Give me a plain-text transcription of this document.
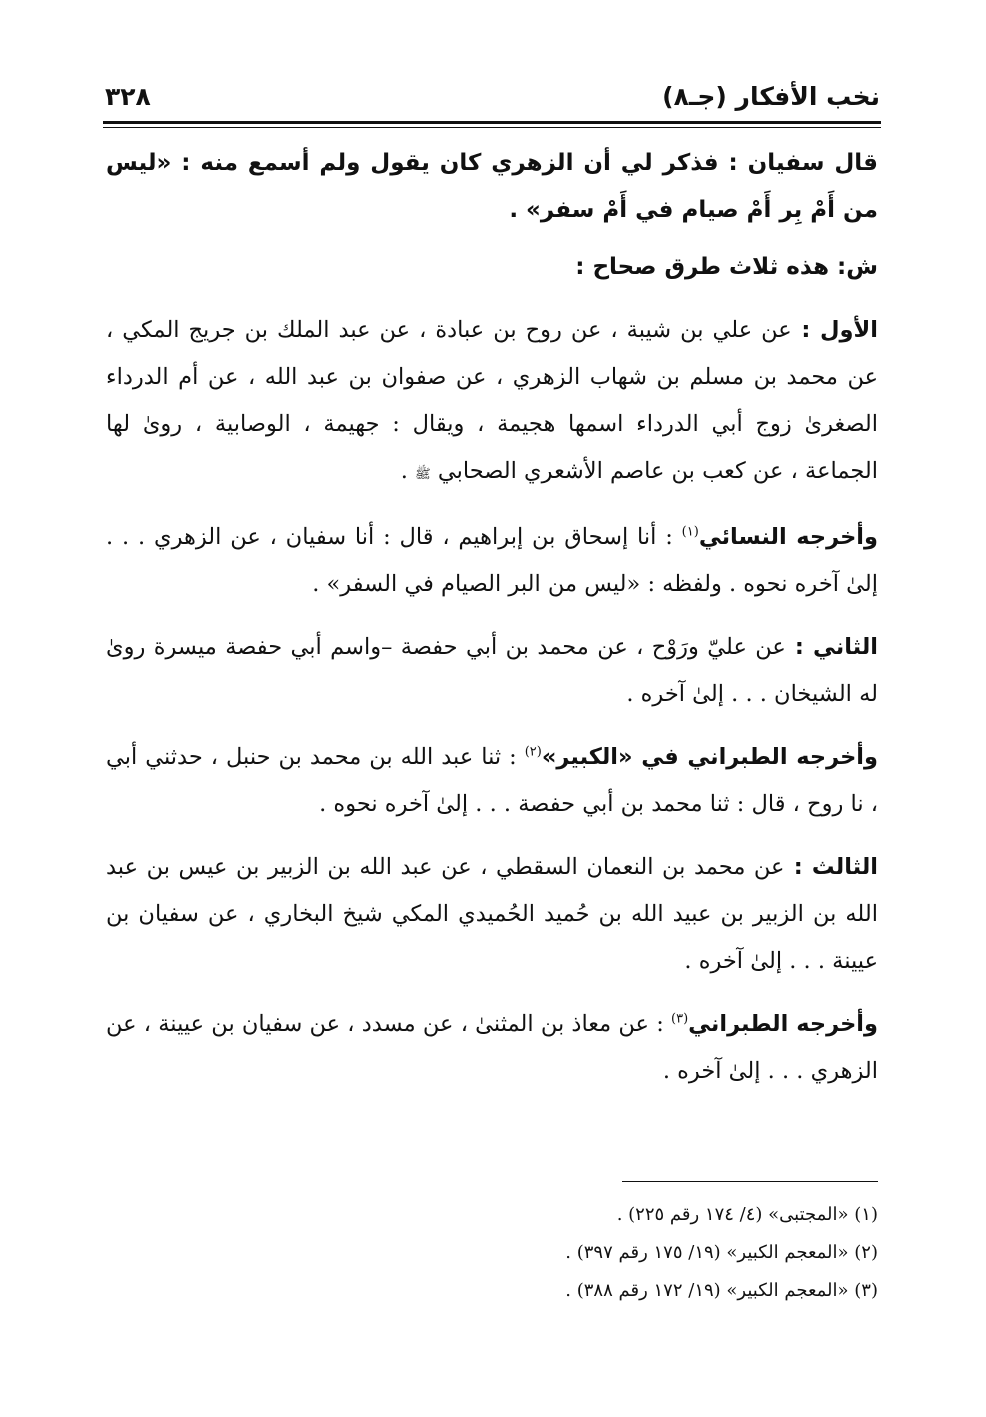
نخب الأفكار (جـ٨)
٣٢٨

قال سفيان : فذكر لي أن الزهري كان يقول ولم أسمع منه : «ليس من أَمْ بِر أَمْ صيام في أَمْ سفر» .

ش: هذه ثلاث طرق صحاح :

الأول : عن علي بن شيبة ، عن روح بن عبادة ، عن عبد الملك بن جريج المكي ، عن محمد بن مسلم بن شهاب الزهري ، عن صفوان بن عبد الله ، عن أم الدرداء الصغرىٰ زوج أبي الدرداء اسمها هجيمة ، ويقال : جهيمة ، الوصابية ، روىٰ لها الجماعة ، عن كعب بن عاصم الأشعري الصحابي ﷺ .

وأخرجه النسائي$^{(١)}$ : أنا إسحاق بن إبراهيم ، قال : أنا سفيان ، عن الزهري . . . إلىٰ آخره نحوه . ولفظه : «ليس من البر الصيام في السفر» .

الثاني : عن عليّ ورَوْح ، عن محمد بن أبي حفصة –واسم أبي حفصة ميسرة روىٰ له الشيخان . . . إلىٰ آخره .

وأخرجه الطبراني في «الكبير»$^{(٢)}$ : ثنا عبد الله بن محمد بن حنبل ، حدثني أبي ، نا روح ، قال : ثنا محمد بن أبي حفصة . . . إلىٰ آخره نحوه .

الثالث : عن محمد بن النعمان السقطي ، عن عبد الله بن الزبير بن عيس بن عبد الله بن الزبير بن عبيد الله بن حُميد الحُميدي المكي شيخ البخاري ، عن سفيان بن عيينة . . . إلىٰ آخره .

وأخرجه الطبراني$^{(٣)}$ : عن معاذ بن المثنىٰ ، عن مسدد ، عن سفيان بن عيينة ، عن الزهري . . . إلىٰ آخره .

(١) «المجتبى» (٤/ ١٧٤ رقم ٢٢٥) .
(٢) «المعجم الكبير» (١٩/ ١٧٥ رقم ٣٩٧) .
(٣) «المعجم الكبير» (١٩/ ١٧٢ رقم ٣٨٨) .
